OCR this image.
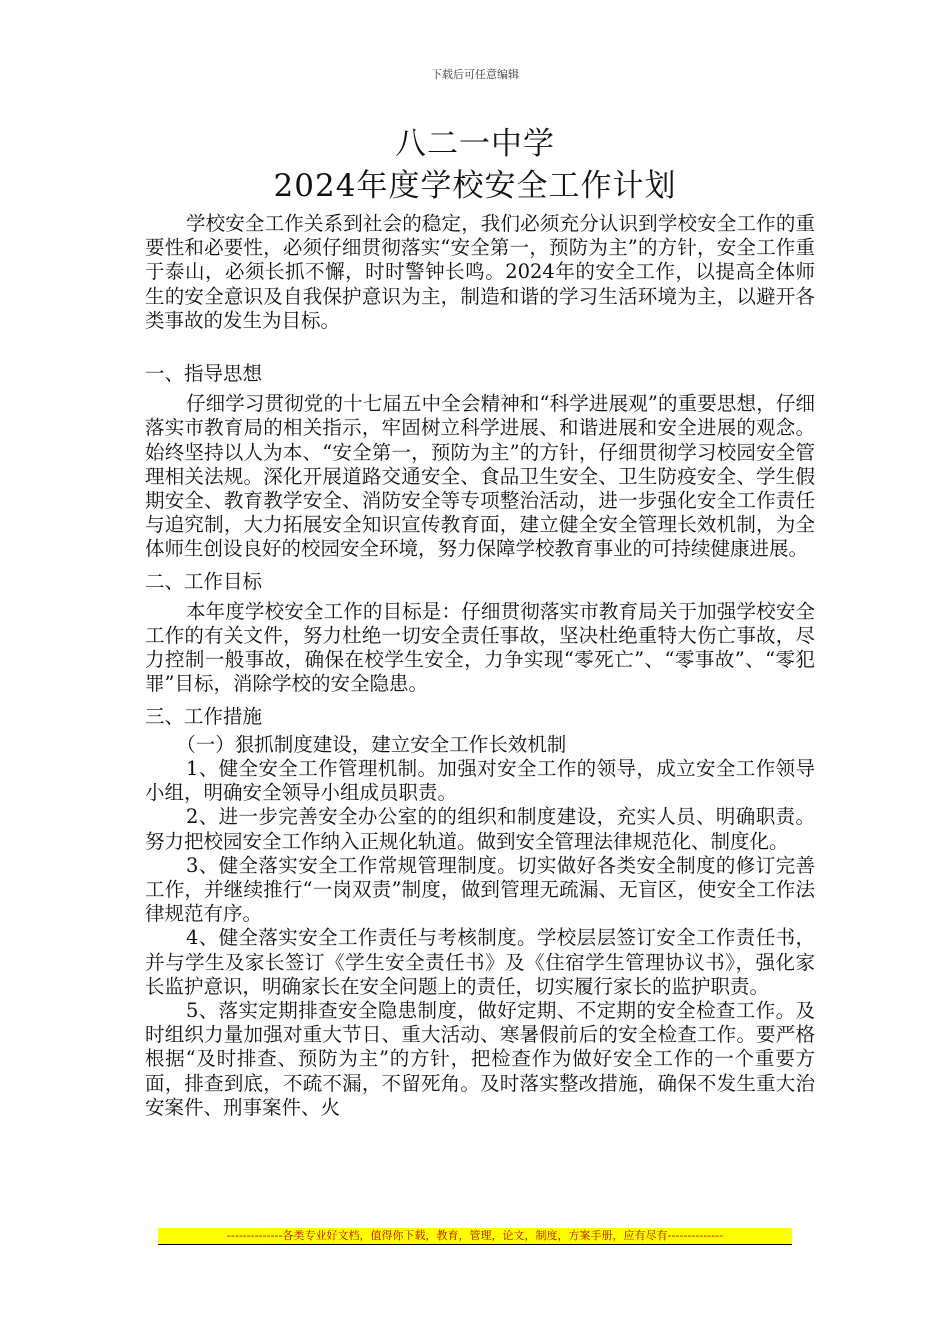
下载后可任意编辑
八二一中学
2024年度学校安全工作计划

学校安全工作关系到社会的稳定，我们必须充分认识到学校安全工作的重要性和必要性，必须仔细贯彻落实“安全第一，预防为主”的方针，安全工作重于泰山，必须长抓不懈，时时警钟长鸣。2024年的安全工作，以提高全体师生的安全意识及自我保护意识为主，制造和谐的学习生活环境为主，以避开各类事故的发生为目标。

一、指导思想

仔细学习贯彻党的十七届五中全会精神和“科学进展观”的重要思想，仔细落实市教育局的相关指示，牢固树立科学进展、和谐进展和安全进展的观念。始终坚持以人为本、“安全第一，预防为主”的方针，仔细贯彻学习校园安全管理相关法规。深化开展道路交通安全、食品卫生安全、卫生防疫安全、学生假期安全、教育教学安全、消防安全等专项整治活动，进一步强化安全工作责任与追究制，大力拓展安全知识宣传教育面，建立健全安全管理长效机制，为全体师生创设良好的校园安全环境，努力保障学校教育事业的可持续健康进展。

二、工作目标

本年度学校安全工作的目标是：仔细贯彻落实市教育局关于加强学校安全工作的有关文件，努力杜绝一切安全责任事故，坚决杜绝重特大伤亡事故，尽力控制一般事故，确保在校学生安全，力争实现“零死亡”、“零事故”、“零犯罪”目标，消除学校的安全隐患。

三、工作措施

（一）狠抓制度建设，建立安全工作长效机制

1、健全安全工作管理机制。加强对安全工作的领导，成立安全工作领导小组，明确安全领导小组成员职责。

2、进一步完善安全办公室的的组织和制度建设，充实人员、明确职责。努力把校园安全工作纳入正规化轨道。做到安全管理法律规范化、制度化。

3、健全落实安全工作常规管理制度。切实做好各类安全制度的修订完善工作，并继续推行“一岗双责”制度，做到管理无疏漏、无盲区，使安全工作法律规范有序。

4、健全落实安全工作责任与考核制度。学校层层签订安全工作责任书，并与学生及家长签订《学生安全责任书》及《住宿学生管理协议书》，强化家长监护意识，明确家长在安全问题上的责任，切实履行家长的监护职责。

5、落实定期排查安全隐患制度，做好定期、不定期的安全检查工作。及时组织力量加强对重大节日、重大活动、寒暑假前后的安全检查工作。要严格根据“及时排查、预防为主”的方针，把检查作为做好安全工作的一个重要方面，排查到底，不疏不漏，不留死角。及时落实整改措施，确保不发生重大治安案件、刑事案件、火

--------------各类专业好文档，值得你下载，教育，管理，论文，制度，方案手册，应有尽有--------------
